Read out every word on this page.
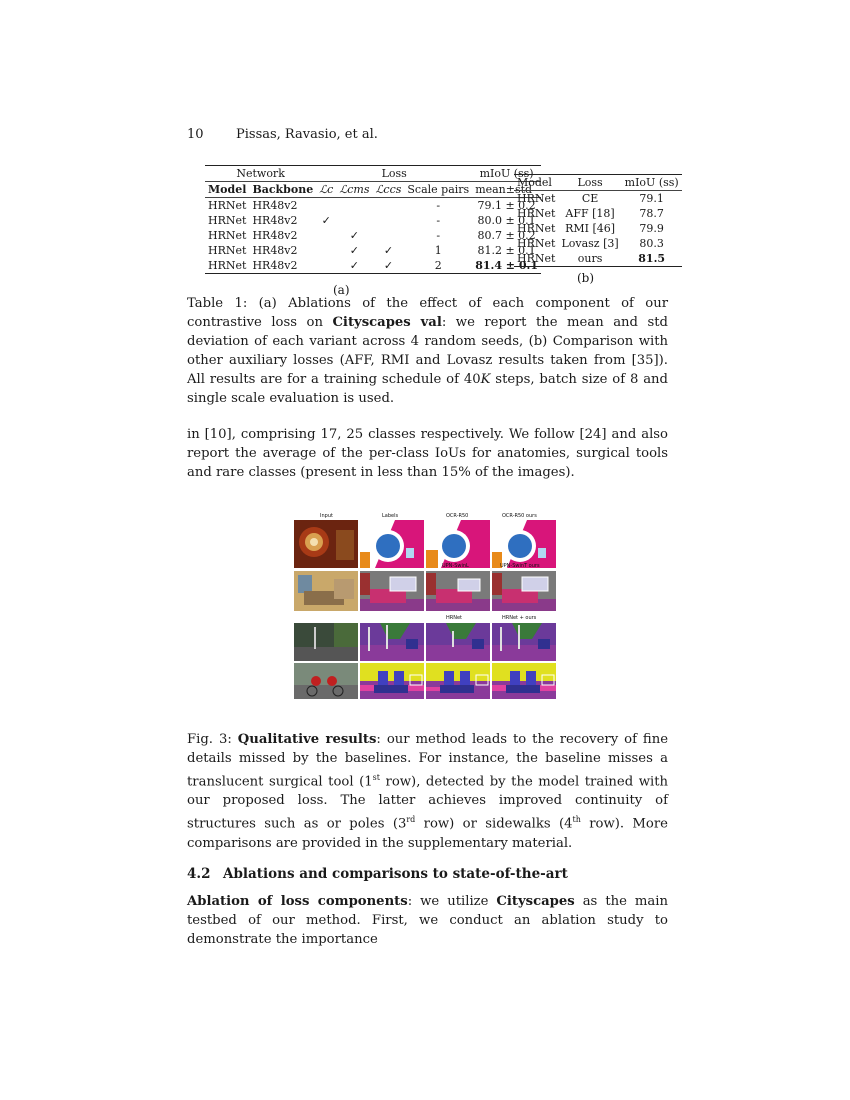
10 Pissas, Ravasio, et al.
Network		Loss				mIoU (ss)
Model	Backbone	ℒc	ℒcms	ℒccs	Scale pairs	mean±std
HRNet	HR48v2				-	79.1 ± 0.2
HRNet	HR48v2	✓			-	80.0 ± 0.1
HRNet	HR48v2		✓		-	80.7 ± 0.2
HRNet	HR48v2		✓	✓	1	81.2 ± 0.1
HRNet	HR48v2		✓	✓	2	81.4 ± 0.1
(a)
Model	Loss	mIoU (ss)
HRNet	CE	79.1
HRNet	AFF [18]	78.7
HRNet	RMI [46]	79.9
HRNet	Lovasz [3]	80.3
HRNet	ours	81.5
(b)
Table 1: (a) Ablations of the effect of each component of our contrastive loss on Cityscapes val: we report the mean and std deviation of each variant across 4 random seeds, (b) Comparison with other auxiliary losses (AFF, RMI and Lovasz results taken from [35]). All results are for a training schedule of 40K steps, batch size of 8 and single scale evaluation is used.
in [10], comprising 17, 25 classes respectively. We follow [24] and also report the average of the per-class IoUs for anatomies, surgical tools and rare classes (present in less than 15% of the images).
Input	Labels	OCR-R50	OCR-R50 ours
UPN-SwinL	UPN-SwinT ours
HRNet	HRNet + ours
Fig. 3: Qualitative results: our method leads to the recovery of fine details missed by the baselines. For instance, the baseline misses a translucent surgical tool (1st row), detected by the model trained with our proposed loss. The latter achieves improved continuity of structures such as or poles (3rd row) or sidewalks (4th row). More comparisons are provided in the supplementary material.
4.2 Ablations and comparisons to state-of-the-art
Ablation of loss components: we utilize Cityscapes as the main testbed of our method. First, we conduct an ablation study to demonstrate the importance
